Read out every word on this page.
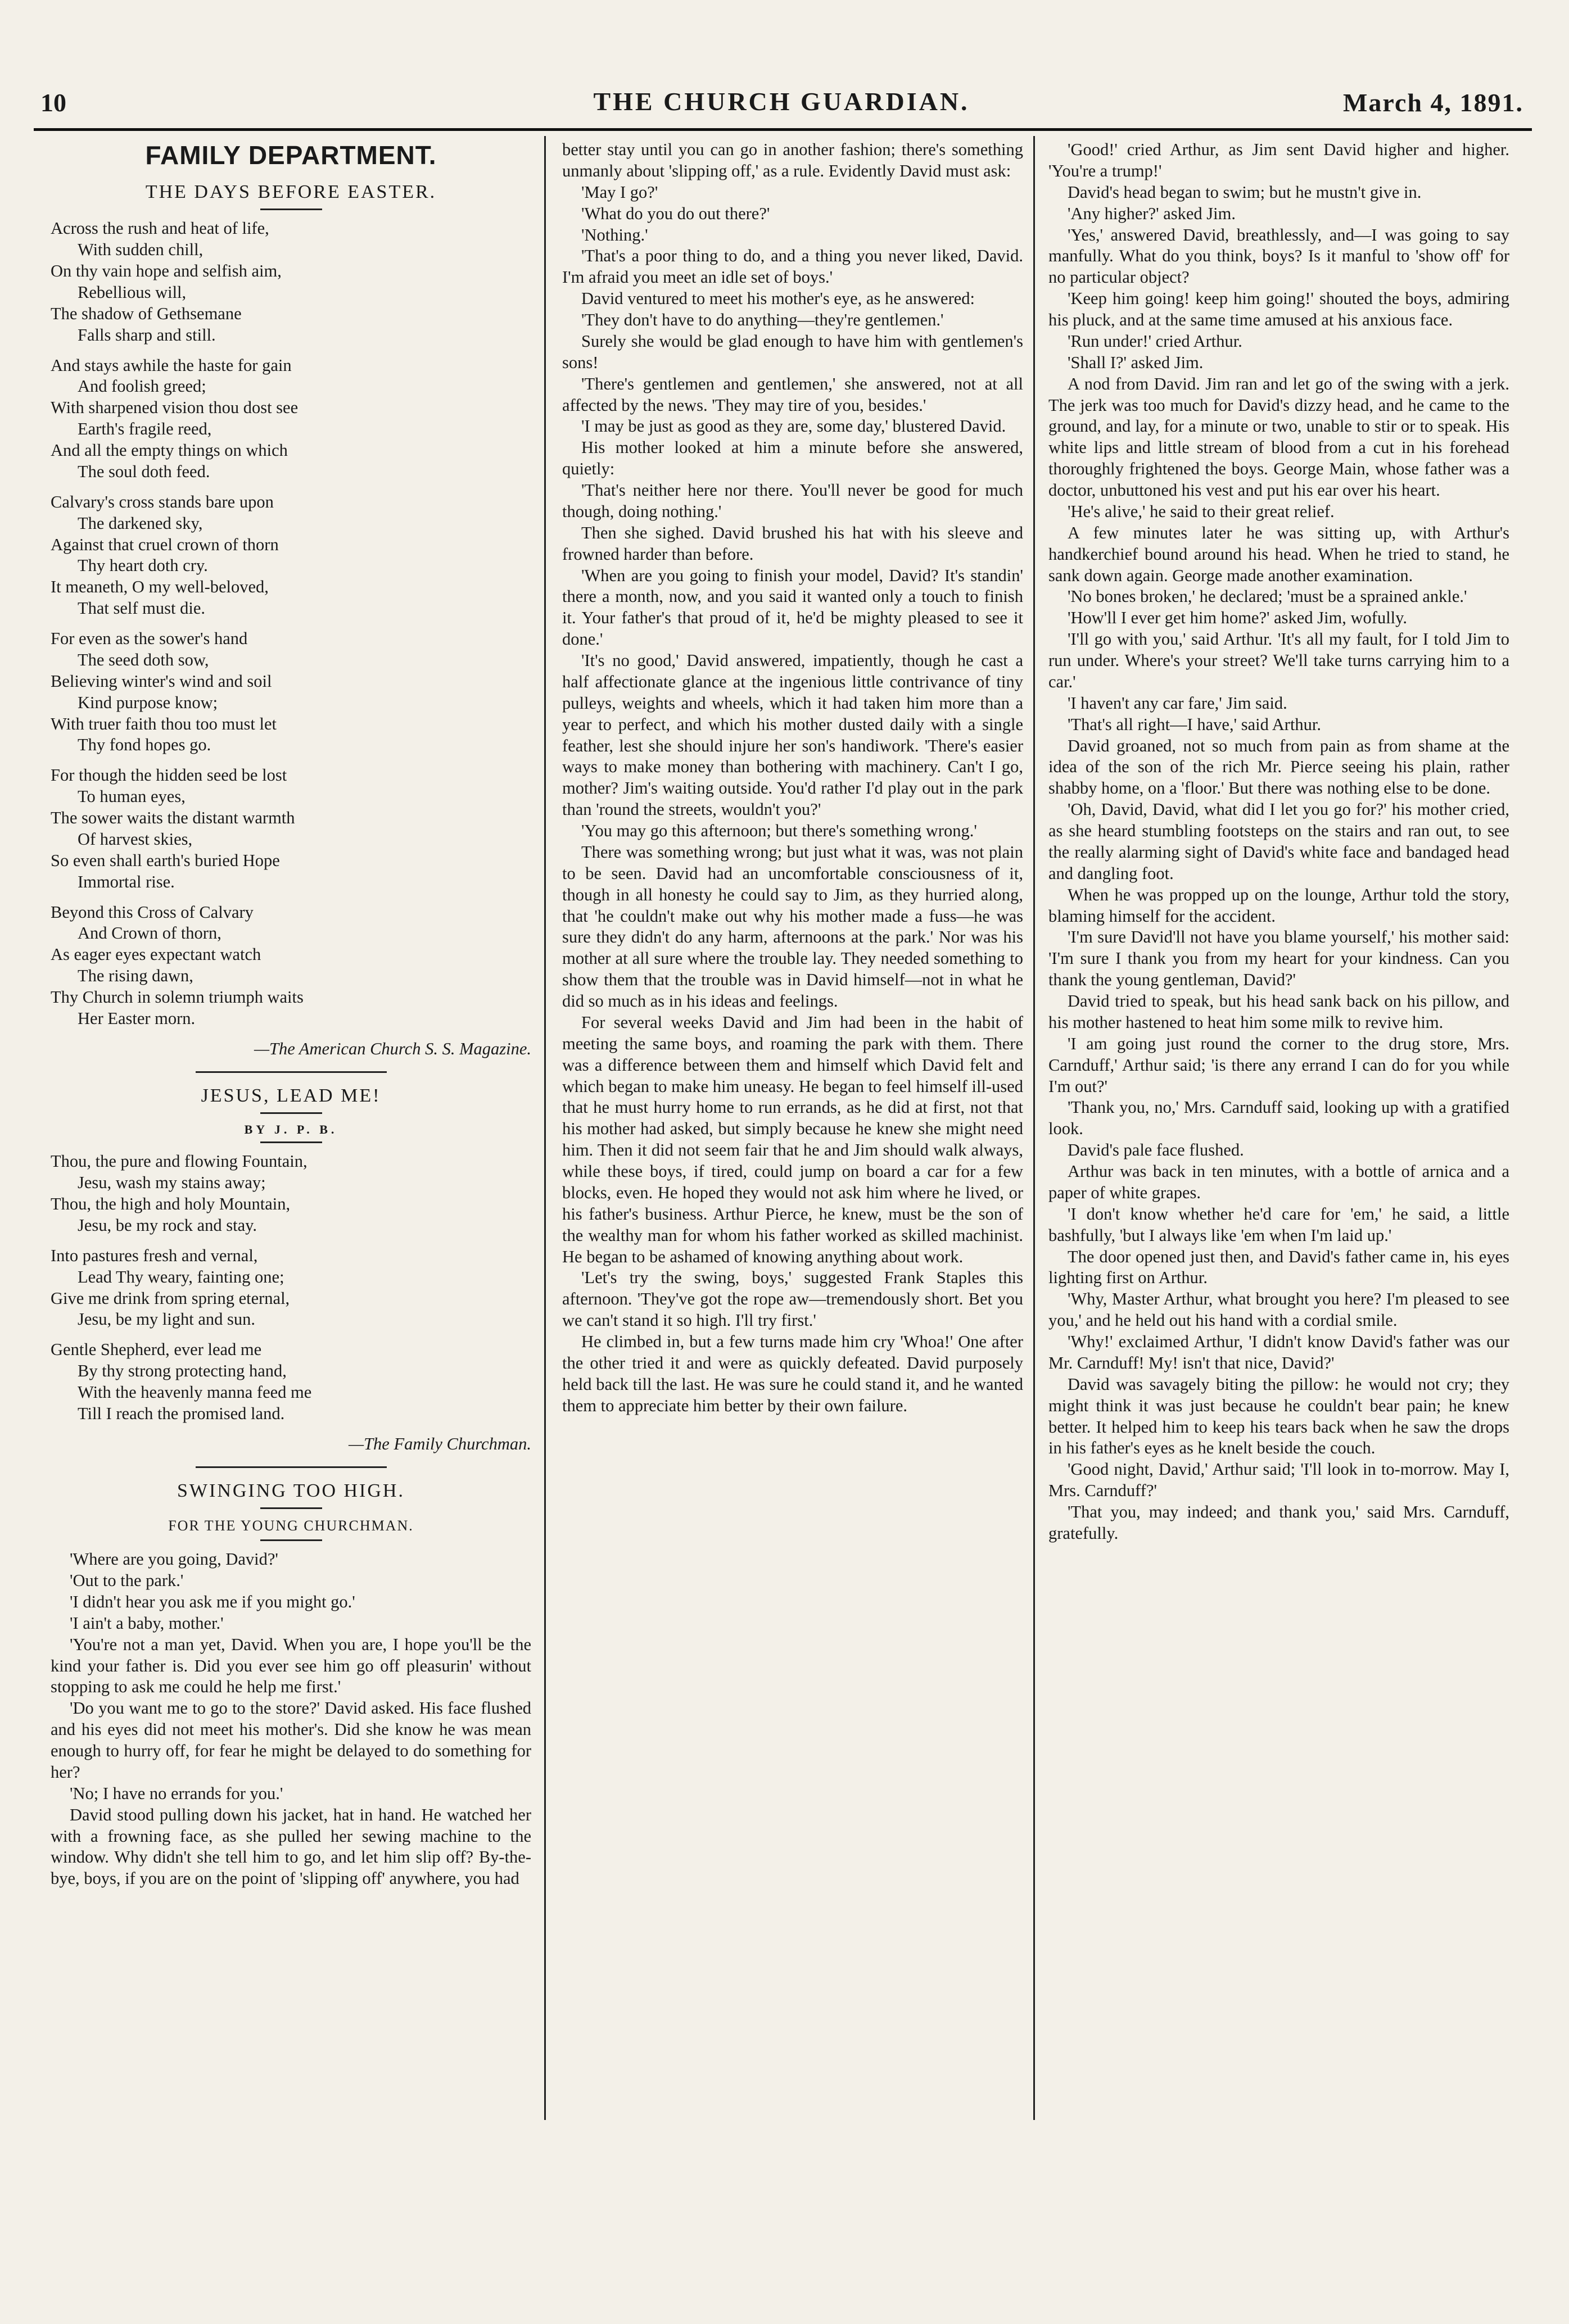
10	THE CHURCH GUARDIAN.	March 4, 1891.
FAMILY DEPARTMENT.
THE DAYS BEFORE EASTER.
Across the rush and heat of life,
With sudden chill,
On thy vain hope and selfish aim,
Rebellious will,
The shadow of Gethsemane
Falls sharp and still.
And stays awhile the haste for gain
And foolish greed;
With sharpened vision thou dost see
Earth's fragile reed,
And all the empty things on which
The soul doth feed.
Calvary's cross stands bare upon
The darkened sky,
Against that cruel crown of thorn
Thy heart doth cry.
It meaneth, O my well-beloved,
That self must die.
For even as the sower's hand
The seed doth sow,
Believing winter's wind and soil
Kind purpose know;
With truer faith thou too must let
Thy fond hopes go.
For though the hidden seed be lost
To human eyes,
The sower waits the distant warmth
Of harvest skies,
So even shall earth's buried Hope
Immortal rise.
Beyond this Cross of Calvary
And Crown of thorn,
As eager eyes expectant watch
The rising dawn,
Thy Church in solemn triumph waits
Her Easter morn.
—The American Church S. S. Magazine.
JESUS, LEAD ME!
BY J. P. B.
Thou, the pure and flowing Fountain,
Jesu, wash my stains away;
Thou, the high and holy Mountain,
Jesu, be my rock and stay.
Into pastures fresh and vernal,
Lead Thy weary, fainting one;
Give me drink from spring eternal,
Jesu, be my light and sun.
Gentle Shepherd, ever lead me
By thy strong protecting hand,
With the heavenly manna feed me
Till I reach the promised land.
—The Family Churchman.
SWINGING TOO HIGH.
FOR THE YOUNG CHURCHMAN.

'Where are you going, David?'

'Out to the park.'

'I didn't hear you ask me if you might go.'

'I ain't a baby, mother.'

'You're not a man yet, David. When you are, I hope you'll be the kind your father is. Did you ever see him go off pleasurin' without stopping to ask me could he help me first.'

'Do you want me to go to the store?' David asked. His face flushed and his eyes did not meet his mother's. Did she know he was mean enough to hurry off, for fear he might be delayed to do something for her?

'No; I have no errands for you.'

David stood pulling down his jacket, hat in hand. He watched her with a frowning face, as she pulled her sewing machine to the window. Why didn't she tell him to go, and let him slip off? By-the-bye, boys, if you are on the point of 'slipping off' anywhere, you had

better stay until you can go in another fashion; there's something unmanly about 'slipping off,' as a rule. Evidently David must ask:

'May I go?'

'What do you do out there?'

'Nothing.'

'That's a poor thing to do, and a thing you never liked, David. I'm afraid you meet an idle set of boys.'

David ventured to meet his mother's eye, as he answered:

'They don't have to do anything—they're gentlemen.'

Surely she would be glad enough to have him with gentlemen's sons!

'There's gentlemen and gentlemen,' she answered, not at all affected by the news. 'They may tire of you, besides.'

'I may be just as good as they are, some day,' blustered David.

His mother looked at him a minute before she answered, quietly:

'That's neither here nor there. You'll never be good for much though, doing nothing.'

Then she sighed. David brushed his hat with his sleeve and frowned harder than before.

'When are you going to finish your model, David? It's standin' there a month, now, and you said it wanted only a touch to finish it. Your father's that proud of it, he'd be mighty pleased to see it done.'

'It's no good,' David answered, impatiently, though he cast a half affectionate glance at the ingenious little contrivance of tiny pulleys, weights and wheels, which it had taken him more than a year to perfect, and which his mother dusted daily with a single feather, lest she should injure her son's handiwork. 'There's easier ways to make money than bothering with machinery. Can't I go, mother? Jim's waiting outside. You'd rather I'd play out in the park than 'round the streets, wouldn't you?'

'You may go this afternoon; but there's something wrong.'

There was something wrong; but just what it was, was not plain to be seen. David had an uncomfortable consciousness of it, though in all honesty he could say to Jim, as they hurried along, that 'he couldn't make out why his mother made a fuss—he was sure they didn't do any harm, afternoons at the park.' Nor was his mother at all sure where the trouble lay. They needed something to show them that the trouble was in David himself—not in what he did so much as in his ideas and feelings.

For several weeks David and Jim had been in the habit of meeting the same boys, and roaming the park with them. There was a difference between them and himself which David felt and which began to make him uneasy. He began to feel himself ill-used that he must hurry home to run errands, as he did at first, not that his mother had asked, but simply because he knew she might need him. Then it did not seem fair that he and Jim should walk always, while these boys, if tired, could jump on board a car for a few blocks, even. He hoped they would not ask him where he lived, or his father's business. Arthur Pierce, he knew, must be the son of the wealthy man for whom his father worked as skilled machinist. He began to be ashamed of knowing anything about work.

'Let's try the swing, boys,' suggested Frank Staples this afternoon. 'They've got the rope aw—tremendously short. Bet you we can't stand it so high. I'll try first.'

He climbed in, but a few turns made him cry 'Whoa!' One after the other tried it and were as quickly defeated. David purposely held back till the last. He was sure he could stand it, and he wanted them to appreciate him better by their own failure.

'Good!' cried Arthur, as Jim sent David higher and higher. 'You're a trump!'

David's head began to swim; but he mustn't give in.

'Any higher?' asked Jim.

'Yes,' answered David, breathlessly, and—I was going to say manfully. What do you think, boys? Is it manful to 'show off' for no particular object?

'Keep him going! keep him going!' shouted the boys, admiring his pluck, and at the same time amused at his anxious face.

'Run under!' cried Arthur.

'Shall I?' asked Jim.

A nod from David. Jim ran and let go of the swing with a jerk. The jerk was too much for David's dizzy head, and he came to the ground, and lay, for a minute or two, unable to stir or to speak. His white lips and little stream of blood from a cut in his forehead thoroughly frightened the boys. George Main, whose father was a doctor, unbuttoned his vest and put his ear over his heart.

'He's alive,' he said to their great relief.

A few minutes later he was sitting up, with Arthur's handkerchief bound around his head. When he tried to stand, he sank down again. George made another examination.

'No bones broken,' he declared; 'must be a sprained ankle.'

'How'll I ever get him home?' asked Jim, wofully.

'I'll go with you,' said Arthur. 'It's all my fault, for I told Jim to run under. Where's your street? We'll take turns carrying him to a car.'

'I haven't any car fare,' Jim said.

'That's all right—I have,' said Arthur.

David groaned, not so much from pain as from shame at the idea of the son of the rich Mr. Pierce seeing his plain, rather shabby home, on a 'floor.' But there was nothing else to be done.

'Oh, David, David, what did I let you go for?' his mother cried, as she heard stumbling footsteps on the stairs and ran out, to see the really alarming sight of David's white face and bandaged head and dangling foot.

When he was propped up on the lounge, Arthur told the story, blaming himself for the accident.

'I'm sure David'll not have you blame yourself,' his mother said: 'I'm sure I thank you from my heart for your kindness. Can you thank the young gentleman, David?'

David tried to speak, but his head sank back on his pillow, and his mother hastened to heat him some milk to revive him.

'I am going just round the corner to the drug store, Mrs. Carnduff,' Arthur said; 'is there any errand I can do for you while I'm out?'

'Thank you, no,' Mrs. Carnduff said, looking up with a gratified look.

David's pale face flushed.

Arthur was back in ten minutes, with a bottle of arnica and a paper of white grapes.

'I don't know whether he'd care for 'em,' he said, a little bashfully, 'but I always like 'em when I'm laid up.'

The door opened just then, and David's father came in, his eyes lighting first on Arthur.

'Why, Master Arthur, what brought you here? I'm pleased to see you,' and he held out his hand with a cordial smile.

'Why!' exclaimed Arthur, 'I didn't know David's father was our Mr. Carnduff! My! isn't that nice, David?'

David was savagely biting the pillow: he would not cry; they might think it was just because he couldn't bear pain; he knew better. It helped him to keep his tears back when he saw the drops in his father's eyes as he knelt beside the couch.

'Good night, David,' Arthur said; 'I'll look in to-morrow. May I, Mrs. Carnduff?'

'That you, may indeed; and thank you,' said Mrs. Carnduff, gratefully.
